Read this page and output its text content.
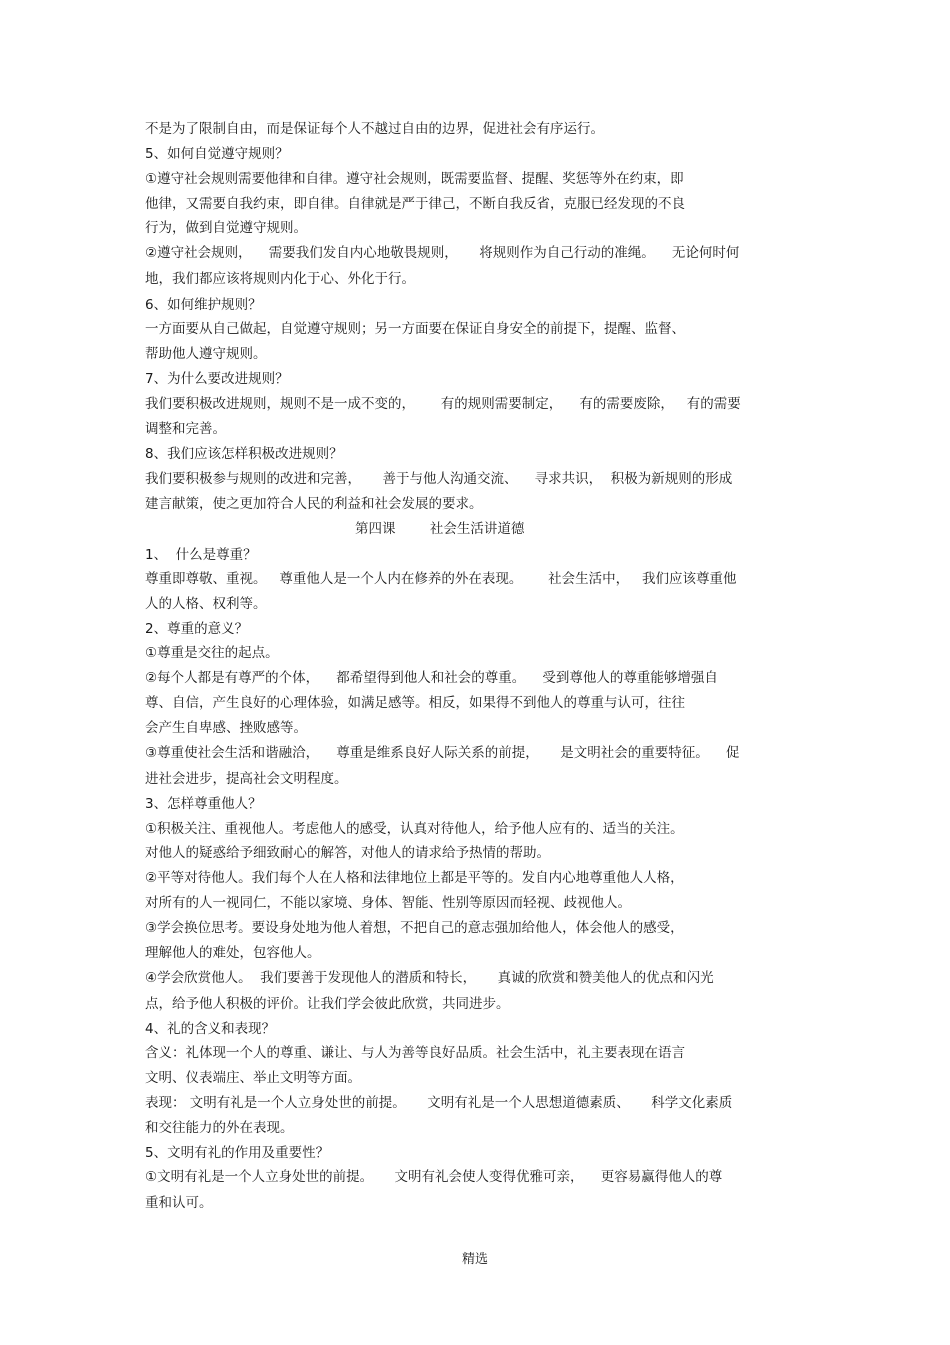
不是为了限制自由，而是保证每个人不越过自由的边界，促进社会有序运行。
5、如何自觉遵守规则？
①遵守社会规则需要他律和自律。遵守社会规则，既需要监督、提醒、奖惩等外在约束，即
他律，又需要自我约束，即自律。自律就是严于律己，不断自我反省，克服已经发现的不良
行为，做到自觉遵守规则。
②遵守社会规则，    需要我们发自内心地敬畏规则，     将规则作为自己行动的准绳。    无论何时何
地，我们都应该将规则内化于心、外化于行。
6、如何维护规则？
一方面要从自己做起，自觉遵守规则；另一方面要在保证自身安全的前提下，提醒、监督、
帮助他人遵守规则。
7、为什么要改进规则？
我们要积极改进规则，规则不是一成不变的，      有的规则需要制定，    有的需要废除，   有的需要
调整和完善。
8、我们应该怎样积极改进规则？
我们要积极参与规则的改进和完善，     善于与他人沟通交流、    寻求共识，  积极为新规则的形成
建言献策，使之更加符合人民的利益和社会发展的要求。
第四课        社会生活讲道德
1、  什么是尊重？
尊重即尊敬、重视。   尊重他人是一个人内在修养的外在表现。      社会生活中，   我们应该尊重他
人的人格、权利等。
2、尊重的意义？
①尊重是交往的起点。
②每个人都是有尊严的个体，    都希望得到他人和社会的尊重。    受到尊他人的尊重能够增强自
尊、自信，产生良好的心理体验，如满足感等。相反，如果得不到他人的尊重与认可，往往
会产生自卑感、挫败感等。
③尊重使社会生活和谐融洽，    尊重是维系良好人际关系的前提，     是文明社会的重要特征。    促
进社会进步，提高社会文明程度。
3、怎样尊重他人？
①积极关注、重视他人。考虑他人的感受，认真对待他人，给予他人应有的、适当的关注。
对他人的疑惑给予细致耐心的解答，对他人的请求给予热情的帮助。
②平等对待他人。我们每个人在人格和法律地位上都是平等的。发自内心地尊重他人人格，
对所有的人一视同仁，不能以家境、身体、智能、性别等原因而轻视、歧视他人。
③学会换位思考。要设身处地为他人着想，不把自己的意志强加给他人，体会他人的感受，
理解他人的难处，包容他人。
④学会欣赏他人。  我们要善于发现他人的潜质和特长，     真诚的欣赏和赞美他人的优点和闪光
点，给予他人积极的评价。让我们学会彼此欣赏，共同进步。
4、礼的含义和表现？
含义：礼体现一个人的尊重、谦让、与人为善等良好品质。社会生活中，礼主要表现在语言
文明、仪表端庄、举止文明等方面。
表现： 文明有礼是一个人立身处世的前提。     文明有礼是一个人思想道德素质、     科学文化素质
和交往能力的外在表现。
5、文明有礼的作用及重要性？
①文明有礼是一个人立身处世的前提。     文明有礼会使人变得优雅可亲，    更容易赢得他人的尊
重和认可。
精选
